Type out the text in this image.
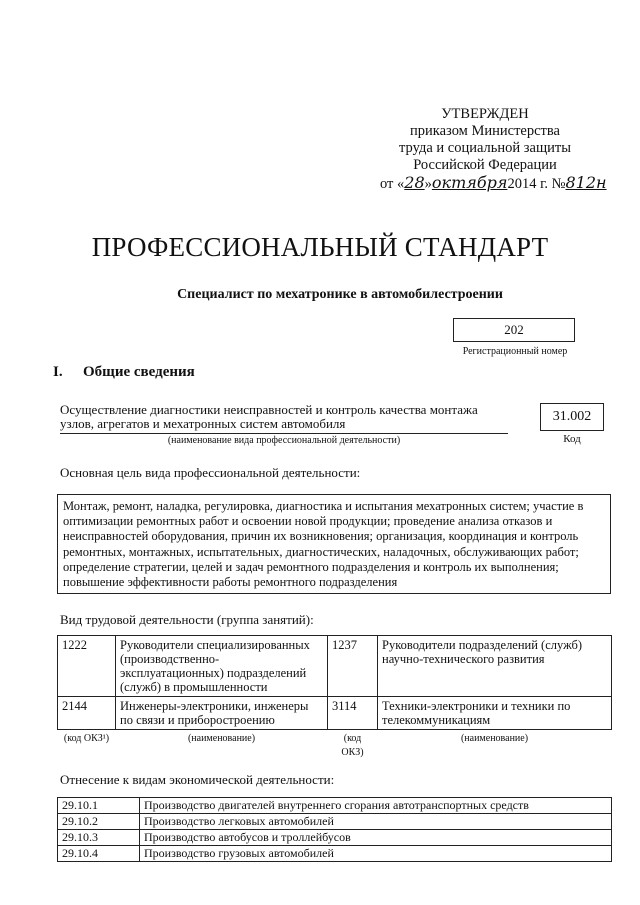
УТВЕРЖДЕН
приказом Министерства
труда и социальной защиты
Российской Федерации
от «28»октября2014 г. №812н
ПРОФЕССИОНАЛЬНЫЙ СТАНДАРТ
Специалист по мехатронике в автомобилестроении
202
Регистрационный номер
I. Общие сведения
Осуществление диагностики неисправностей и контроль качества монтажа узлов, агрегатов и мехатронных систем автомобиля
(наименование вида профессиональной деятельности)
31.002
Код
Основная цель вида профессиональной деятельности:
Монтаж, ремонт, наладка, регулировка, диагностика и испытания мехатронных систем; участие в оптимизации ремонтных работ и освоении новой продукции; проведение анализа отказов и неисправностей оборудования, причин их возникновения; организация, координация и контроль ремонтных, монтажных, испытательных, диагностических, наладочных, обслуживающих работ; определение стратегии, целей и задач ремонтного подразделения и контроль их выполнения; повышение эффективности работы ремонтного подразделения
Вид трудовой деятельности (группа занятий):
1222	Руководители специализированных (производственно-эксплуатационных) подразделений (служб) в промышленности	1237	Руководители подразделений (служб) научно-технического развития
2144	Инженеры-электроники, инженеры по связи и приборостроению	3114	Техники-электроники и техники по телекоммуникациям
(код ОКЗ¹)	(наименование)	(код ОКЗ)	(наименование)
Отнесение к видам экономической деятельности:
29.10.1	Производство двигателей внутреннего сгорания автотранспортных средств
29.10.2	Производство легковых автомобилей
29.10.3	Производство автобусов и троллейбусов
29.10.4	Производство грузовых автомобилей
